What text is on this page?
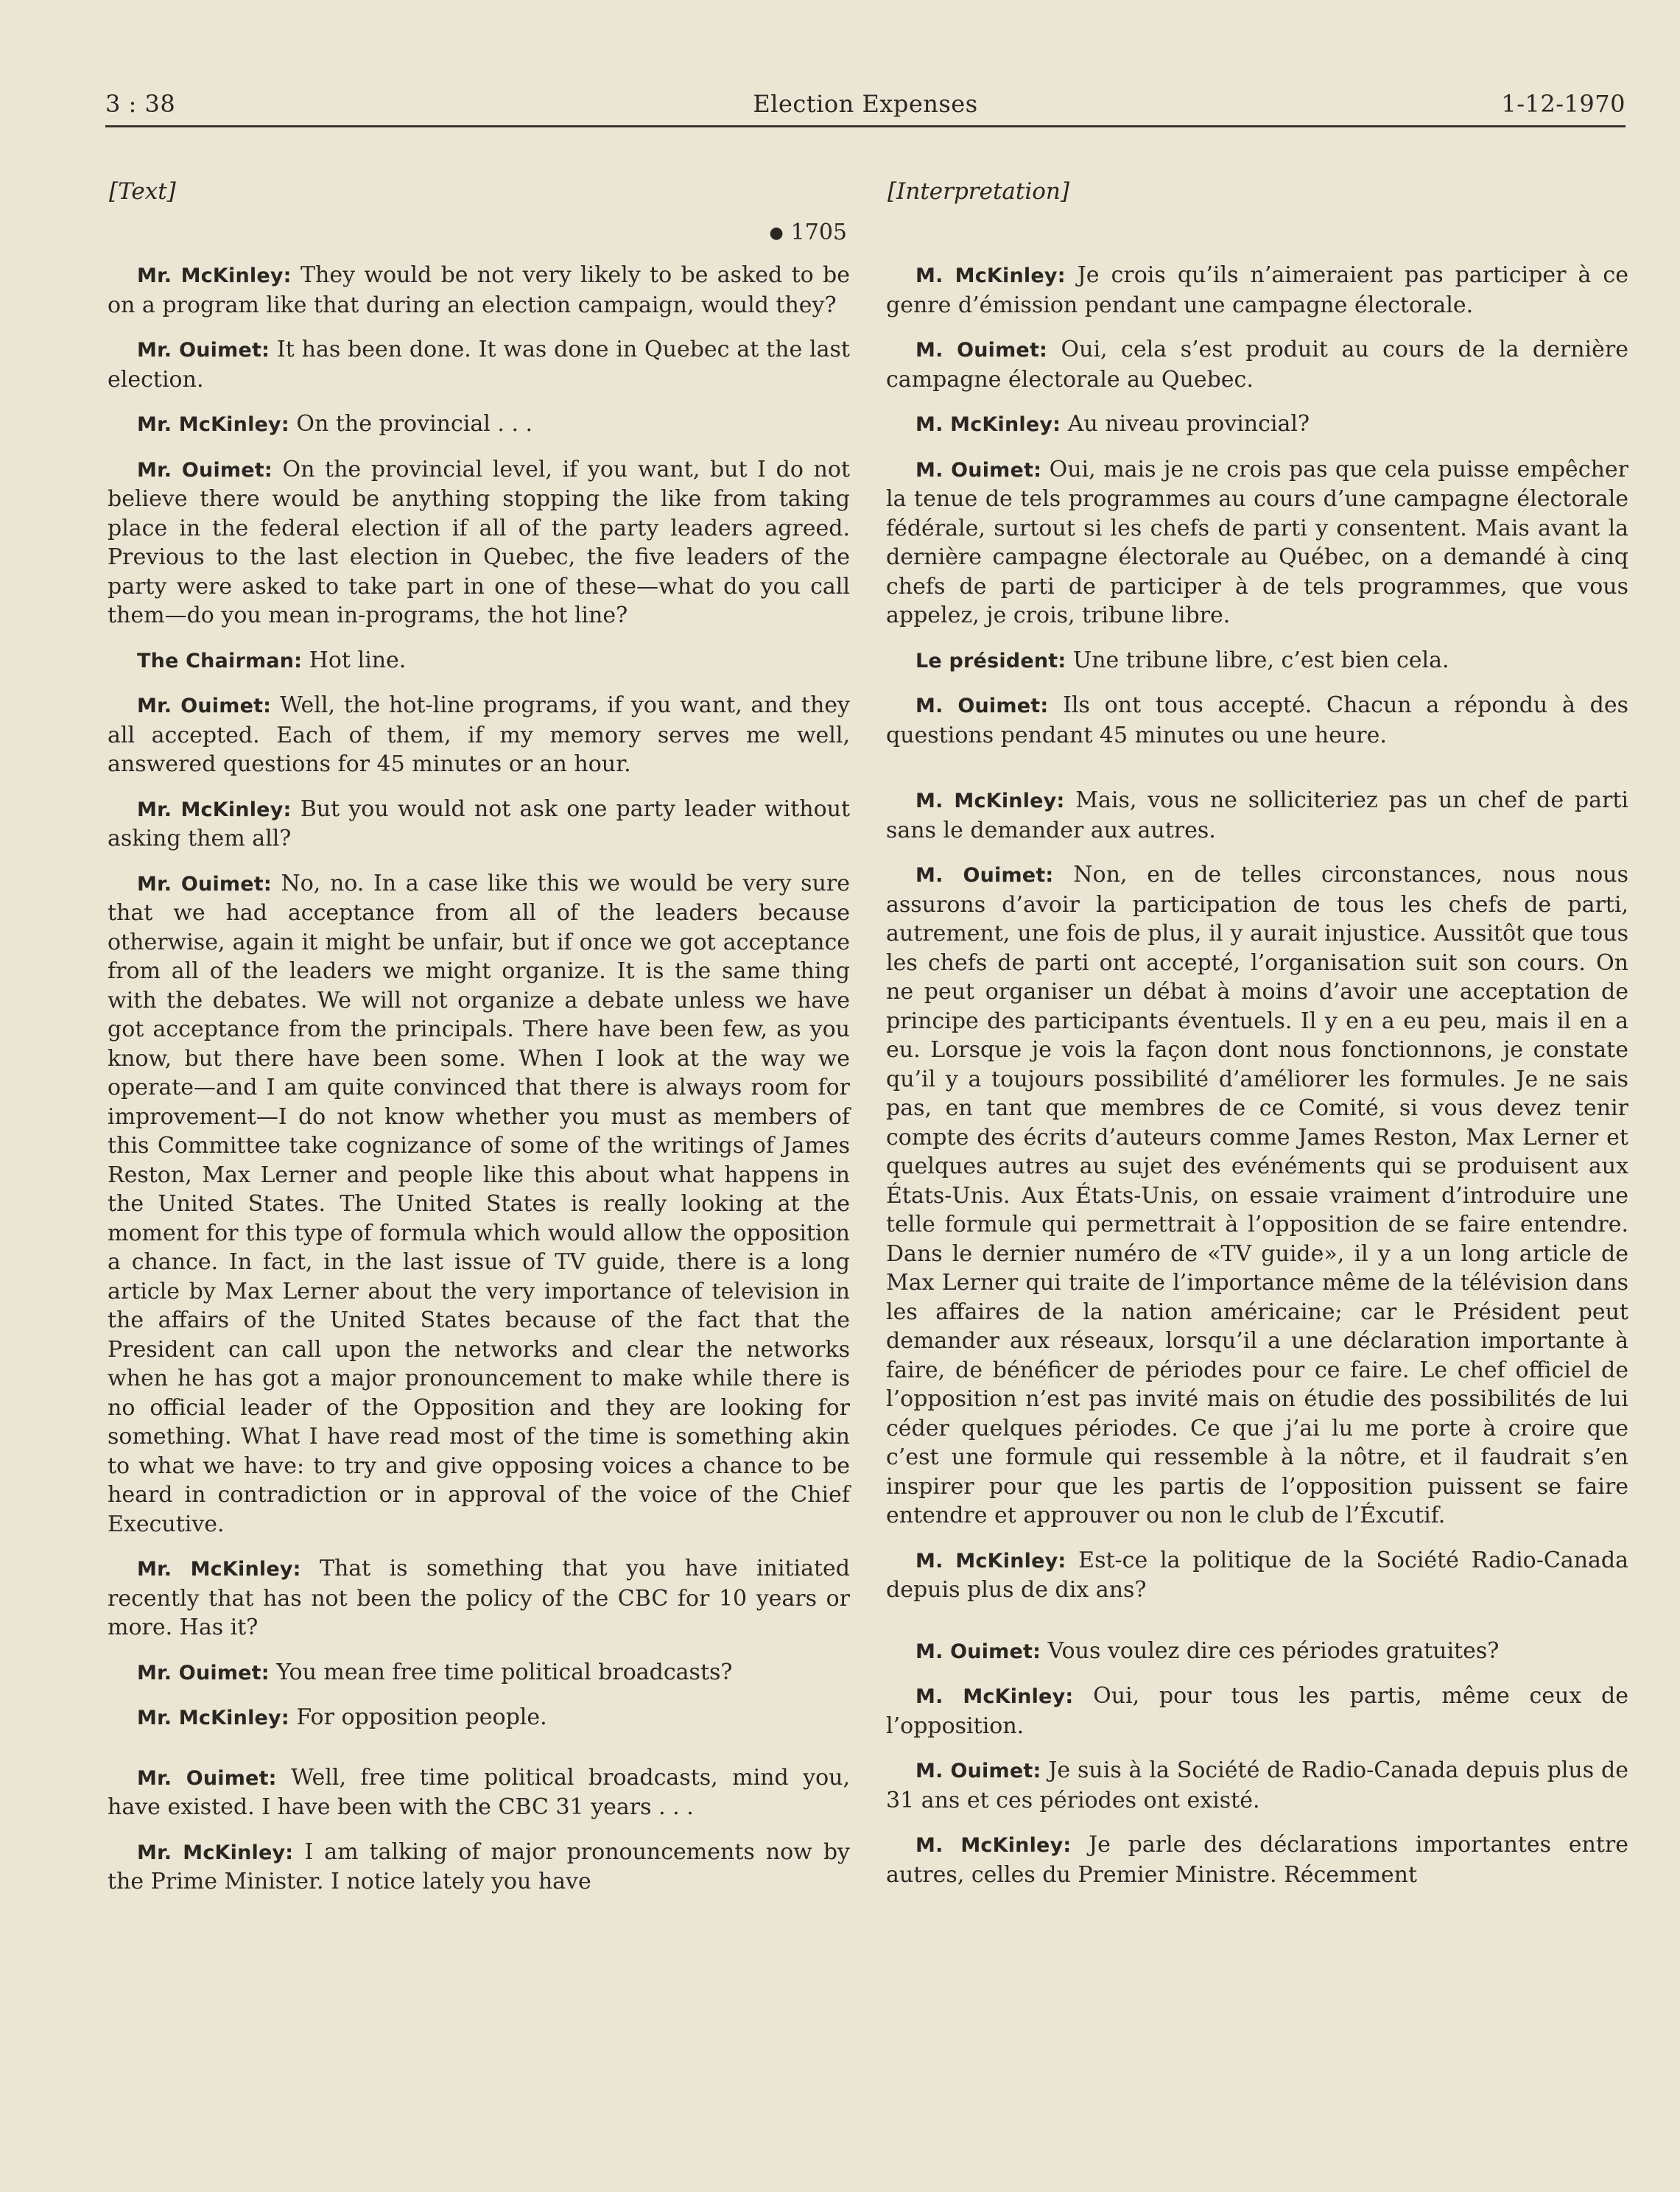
3 : 38	Election Expenses	1-12-1970
[Text]
● 1705

Mr. McKinley: They would be not very likely to be asked to be on a program like that during an election campaign, would they?

Mr. Ouimet: It has been done. It was done in Quebec at the last election.

Mr. McKinley: On the provincial . . .

Mr. Ouimet: On the provincial level, if you want, but I do not believe there would be anything stopping the like from taking place in the federal election if all of the party leaders agreed. Previous to the last election in Quebec, the five leaders of the party were asked to take part in one of these—what do you call them—do you mean in-programs, the hot line?

The Chairman: Hot line.

Mr. Ouimet: Well, the hot-line programs, if you want, and they all accepted. Each of them, if my memory serves me well, answered questions for 45 minutes or an hour.

Mr. McKinley: But you would not ask one party leader without asking them all?

Mr. Ouimet: No, no. In a case like this we would be very sure that we had acceptance from all of the leaders because otherwise, again it might be unfair, but if once we got acceptance from all of the leaders we might organize. It is the same thing with the debates. We will not organize a debate unless we have got acceptance from the principals. There have been few, as you know, but there have been some. When I look at the way we operate—and I am quite convinced that there is always room for improvement—I do not know whether you must as members of this Committee take cognizance of some of the writings of James Reston, Max Lerner and people like this about what happens in the United States. The United States is really looking at the moment for this type of formula which would allow the opposition a chance. In fact, in the last issue of TV guide, there is a long article by Max Lerner about the very importance of television in the affairs of the United States because of the fact that the President can call upon the networks and clear the networks when he has got a major pronouncement to make while there is no official leader of the Opposition and they are looking for something. What I have read most of the time is something akin to what we have: to try and give opposing voices a chance to be heard in contradiction or in approval of the voice of the Chief Executive.

Mr. McKinley: That is something that you have initiated recently that has not been the policy of the CBC for 10 years or more. Has it?

Mr. Ouimet: You mean free time political broadcasts?

Mr. McKinley: For opposition people.

Mr. Ouimet: Well, free time political broadcasts, mind you, have existed. I have been with the CBC 31 years . . .

Mr. McKinley: I am talking of major pronouncements now by the Prime Minister. I notice lately you have

[Interpretation]

M. McKinley: Je crois qu’ils n’aimeraient pas participer à ce genre d’émission pendant une campagne électorale.

M. Ouimet: Oui, cela s’est produit au cours de la dernière campagne électorale au Quebec.

M. McKinley: Au niveau provincial?

M. Ouimet: Oui, mais je ne crois pas que cela puisse empêcher la tenue de tels programmes au cours d’une campagne électorale fédérale, surtout si les chefs de parti y consentent. Mais avant la dernière campagne électorale au Québec, on a demandé à cinq chefs de parti de participer à de tels programmes, que vous appelez, je crois, tribune libre.

Le président: Une tribune libre, c’est bien cela.

M. Ouimet: Ils ont tous accepté. Chacun a répondu à des questions pendant 45 minutes ou une heure.

M. McKinley: Mais, vous ne solliciteriez pas un chef de parti sans le demander aux autres.

M. Ouimet: Non, en de telles circonstances, nous nous assurons d’avoir la participation de tous les chefs de parti, autrement, une fois de plus, il y aurait injustice. Aussitôt que tous les chefs de parti ont accepté, l’organisation suit son cours. On ne peut organiser un débat à moins d’avoir une acceptation de principe des participants éventuels. Il y en a eu peu, mais il en a eu. Lorsque je vois la façon dont nous fonctionnons, je constate qu’il y a toujours possibilité d’améliorer les formules. Je ne sais pas, en tant que membres de ce Comité, si vous devez tenir compte des écrits d’auteurs comme James Reston, Max Lerner et quelques autres au sujet des evénéments qui se produisent aux États-Unis. Aux États-Unis, on essaie vraiment d’introduire une telle formule qui permettrait à l’opposition de se faire entendre. Dans le dernier numéro de «TV guide», il y a un long article de Max Lerner qui traite de l’importance même de la télévision dans les affaires de la nation américaine; car le Président peut demander aux réseaux, lorsqu’il a une déclaration importante à faire, de bénéficer de périodes pour ce faire. Le chef officiel de l’opposition n’est pas invité mais on étudie des possibilités de lui céder quelques périodes. Ce que j’ai lu me porte à croire que c’est une formule qui ressemble à la nôtre, et il faudrait s’en inspirer pour que les partis de l’opposition puissent se faire entendre et approuver ou non le club de l’Éxcutif.

M. McKinley: Est-ce la politique de la Société Radio-Canada depuis plus de dix ans?

M. Ouimet: Vous voulez dire ces périodes gratuites?

M. McKinley: Oui, pour tous les partis, même ceux de l’opposition.

M. Ouimet: Je suis à la Société de Radio-Canada depuis plus de 31 ans et ces périodes ont existé.

M. McKinley: Je parle des déclarations importantes entre autres, celles du Premier Ministre. Récemment
